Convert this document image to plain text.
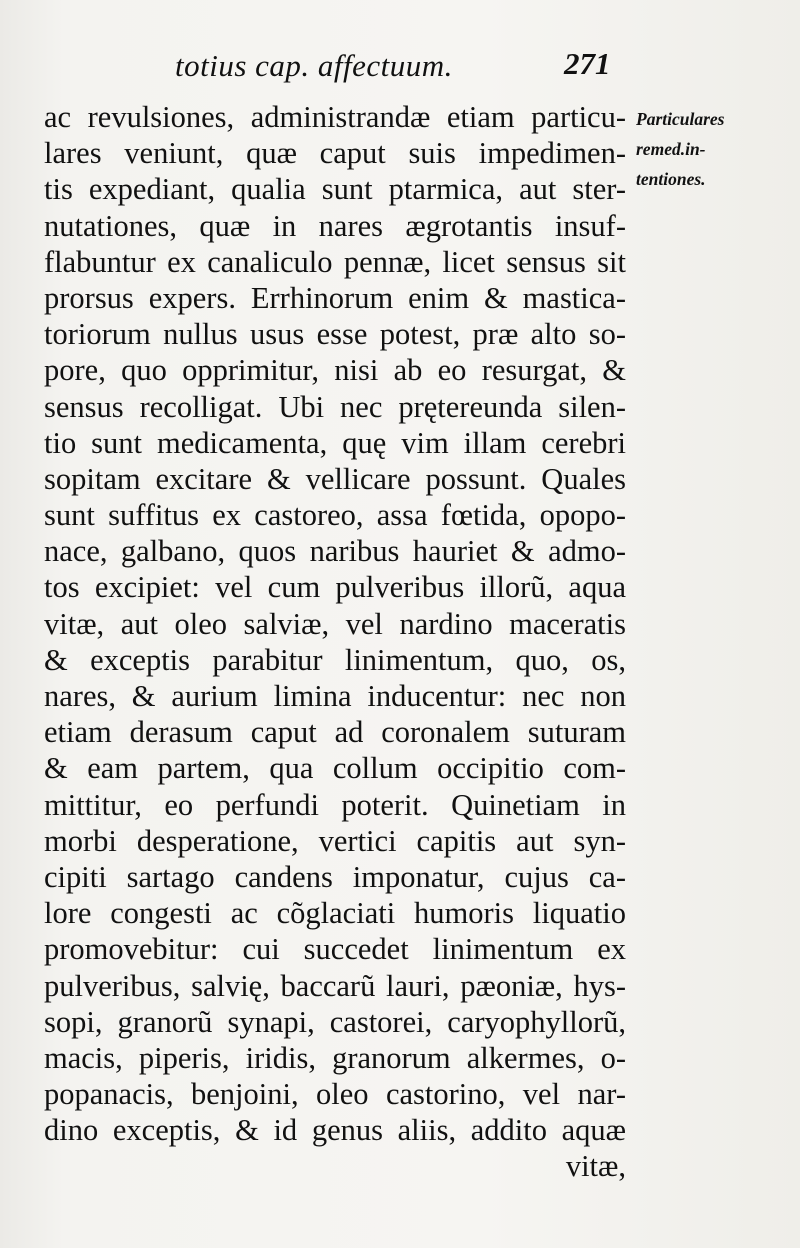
totius cap. affectuum.	271
Particulares
remed.in-
tentiones.
ac revulsiones, administrandæ etiam particu-
lares veniunt, quæ caput suis impedimen-
tis expediant, qualia sunt ptarmica, aut ster-
nutationes, quæ in nares ægrotantis insuf-
flabuntur ex canaliculo pennæ, licet sensus sit
prorsus expers. Errhinorum enim & mastica-
toriorum nullus usus esse potest, præ alto so-
pore, quo opprimitur, nisi ab eo resurgat, &
sensus recolligat. Ubi nec prętereunda silen-
tio sunt medicamenta, quę vim illam cerebri
sopitam excitare & vellicare possunt. Quales
sunt suffitus ex castoreo, assa fœtida, opopo-
nace, galbano, quos naribus hauriet & admo-
tos excipiet: vel cum pulveribus illorũ, aqua
vitæ, aut oleo salviæ, vel nardino maceratis
& exceptis parabitur linimentum, quo, os,
nares, & aurium limina inducentur: nec non
etiam derasum caput ad coronalem suturam
& eam partem, qua collum occipitio com-
mittitur, eo perfundi poterit. Quinetiam in
morbi desperatione, vertici capitis aut syn-
cipiti sartago candens imponatur, cujus ca-
lore congesti ac cõglaciati humoris liquatio
promovebitur: cui succedet linimentum ex
pulveribus, salvię, baccarũ lauri, pæoniæ, hys-
sopi, granorũ synapi, castorei, caryophyllorũ,
macis, piperis, iridis, granorum alkermes, o-
popanacis, benjoini, oleo castorino, vel nar-
dino exceptis, & id genus aliis, addito aquæ
vitæ,
